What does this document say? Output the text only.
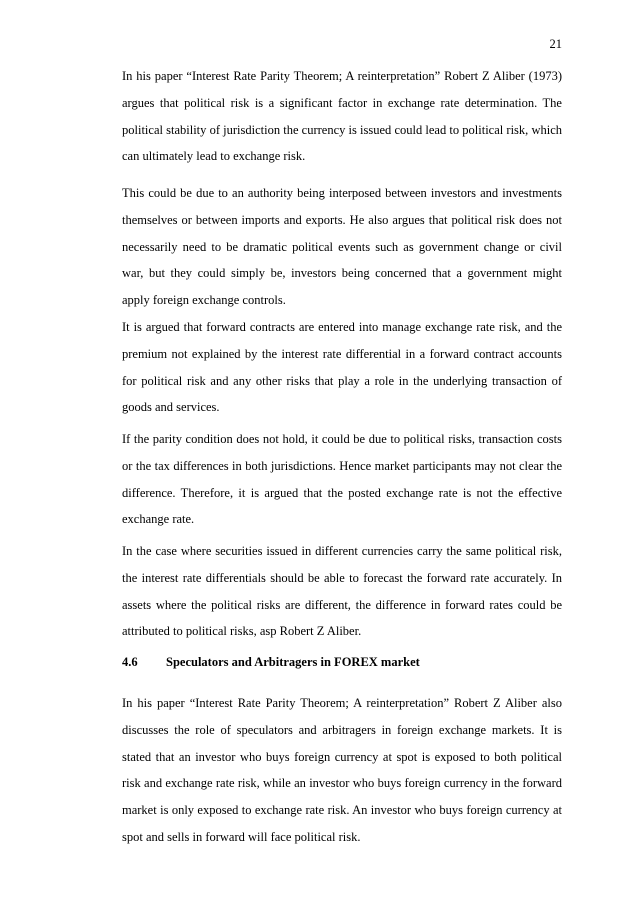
21

In his paper “Interest Rate Parity Theorem; A reinterpretation” Robert Z Aliber (1973) argues that political risk is a significant factor in exchange rate determination. The political stability of jurisdiction the currency is issued could lead to political risk, which can ultimately lead to exchange risk.

This could be due to an authority being interposed between investors and investments themselves or between imports and exports. He also argues that political risk does not necessarily need to be dramatic political events such as government change or civil war, but they could simply be, investors being concerned that a government might apply foreign exchange controls.

It is argued that forward contracts are entered into manage exchange rate risk, and the premium not explained by the interest rate differential in a forward contract accounts for political risk and any other risks that play a role in the underlying transaction of goods and services.

If the parity condition does not hold, it could be due to political risks, transaction costs or the tax differences in both jurisdictions. Hence market participants may not clear the difference. Therefore, it is argued that the posted exchange rate is not the effective exchange rate.

In the case where securities issued in different currencies carry the same political risk, the interest rate differentials should be able to forecast the forward rate accurately. In assets where the political risks are different, the difference in forward rates could be attributed to political risks, asp Robert Z Aliber.

4.6 Speculators and Arbitragers in FOREX market

In his paper “Interest Rate Parity Theorem; A reinterpretation” Robert Z Aliber also discusses the role of speculators and arbitragers in foreign exchange markets. It is stated that an investor who buys foreign currency at spot is exposed to both political risk and exchange rate risk, while an investor who buys foreign currency in the forward market is only exposed to exchange rate risk. An investor who buys foreign currency at spot and sells in forward will face political risk.
